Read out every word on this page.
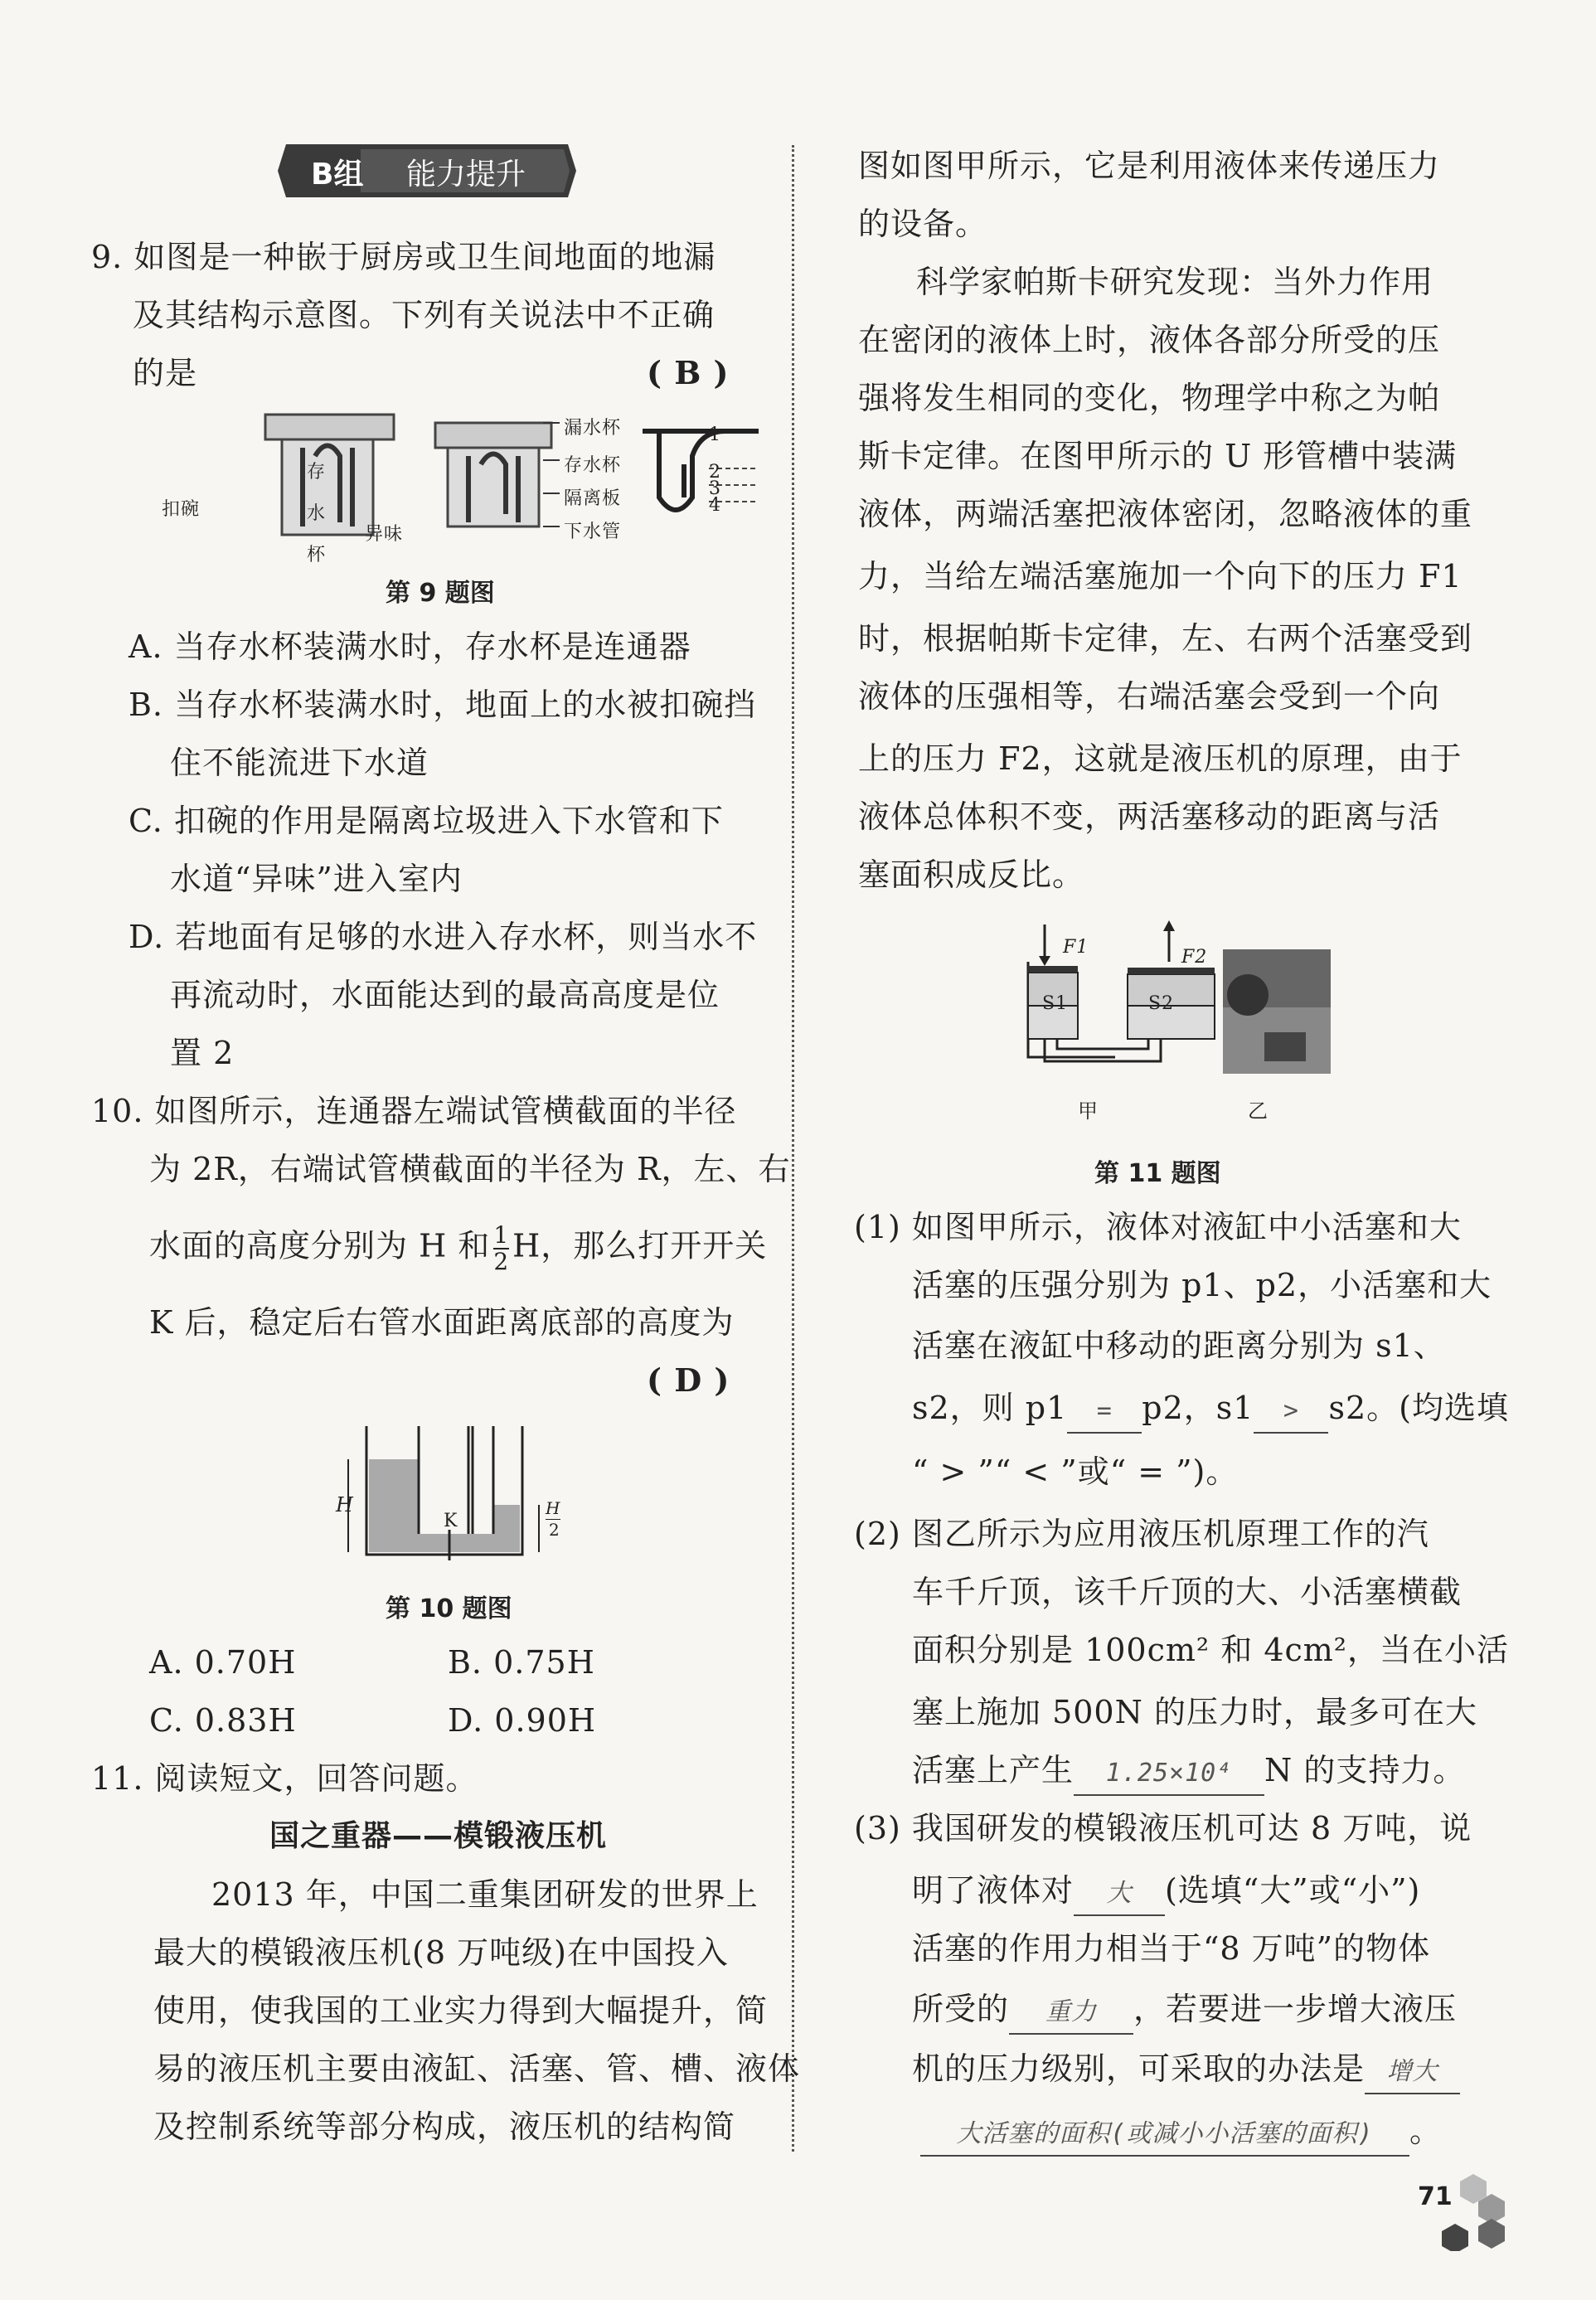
B组 能力提升
9. 如图是一种嵌于厨房或卫生间地面的地漏
及其结构示意图。下列有关说法中不正确
的是	( B )
漏水杯
存水杯
隔离板
下水管
存水杯
扣碗
异味
1
2
3
4
第 9 题图
A. 当存水杯装满水时，存水杯是连通器
B. 当存水杯装满水时，地面上的水被扣碗挡
住不能流进下水道
C. 扣碗的作用是隔离垃圾进入下水管和下
水道“异味”进入室内
D. 若地面有足够的水进入存水杯，则当水不
再流动时，水面能达到的最高高度是位
置 2
10. 如图所示，连通器左端试管横截面的半径
为 2R，右端试管横截面的半径为 R，左、右
水面的高度分别为 H 和 $\frac{1}{2}$ H，那么打开开关
K 后，稳定后右管水面距离底部的高度为
( D )
H
K
H
2
第 10 题图
A. 0.70H	B. 0.75H
C. 0.83H	D. 0.90H
11. 阅读短文，回答问题。
国之重器——模锻液压机
2013 年，中国二重集团研发的世界上
最大的模锻液压机(8 万吨级)在中国投入
使用，使我国的工业实力得到大幅提升，简
易的液压机主要由液缸、活塞、管、槽、液体
及控制系统等部分构成，液压机的结构简
图如图甲所示，它是利用液体来传递压力
的设备。
科学家帕斯卡研究发现：当外力作用
在密闭的液体上时，液体各部分所受的压
强将发生相同的变化，物理学中称之为帕
斯卡定律。在图甲所示的 U 形管槽中装满
液体，两端活塞把液体密闭，忽略液体的重
力，当给左端活塞施加一个向下的压力 F1
时，根据帕斯卡定律，左、右两个活塞受到
液体的压强相等，右端活塞会受到一个向
上的压力 F2，这就是液压机的原理，由于
液体总体积不变，两活塞移动的距离与活
塞面积成反比。
F1	F2
S1	S2
甲	乙
第 11 题图
(1) 如图甲所示，液体对液缸中小活塞和大
活塞的压强分别为 p1、p2，小活塞和大
活塞在液缸中移动的距离分别为 s1、
s2，则 p1 = p2，s1 > s2。(均选填
“ > ”“ < ”或“ = ”)。
(2) 图乙所示为应用液压机原理工作的汽
车千斤顶，该千斤顶的大、小活塞横截
面积分别是 100cm² 和 4cm²，当在小活
塞上施加 500N 的压力时，最多可在大
活塞上产生 1.25×10⁴ N 的支持力。
(3) 我国研发的模锻液压机可达 8 万吨，说
明了液体对 大 (选填“大”或“小”)
活塞的作用力相当于“8 万吨”的物体
所受的 重力 ，若要进一步增大液压
机的压力级别，可采取的办法是 增大
大活塞的面积(或减小小活塞的面积) 。
71
